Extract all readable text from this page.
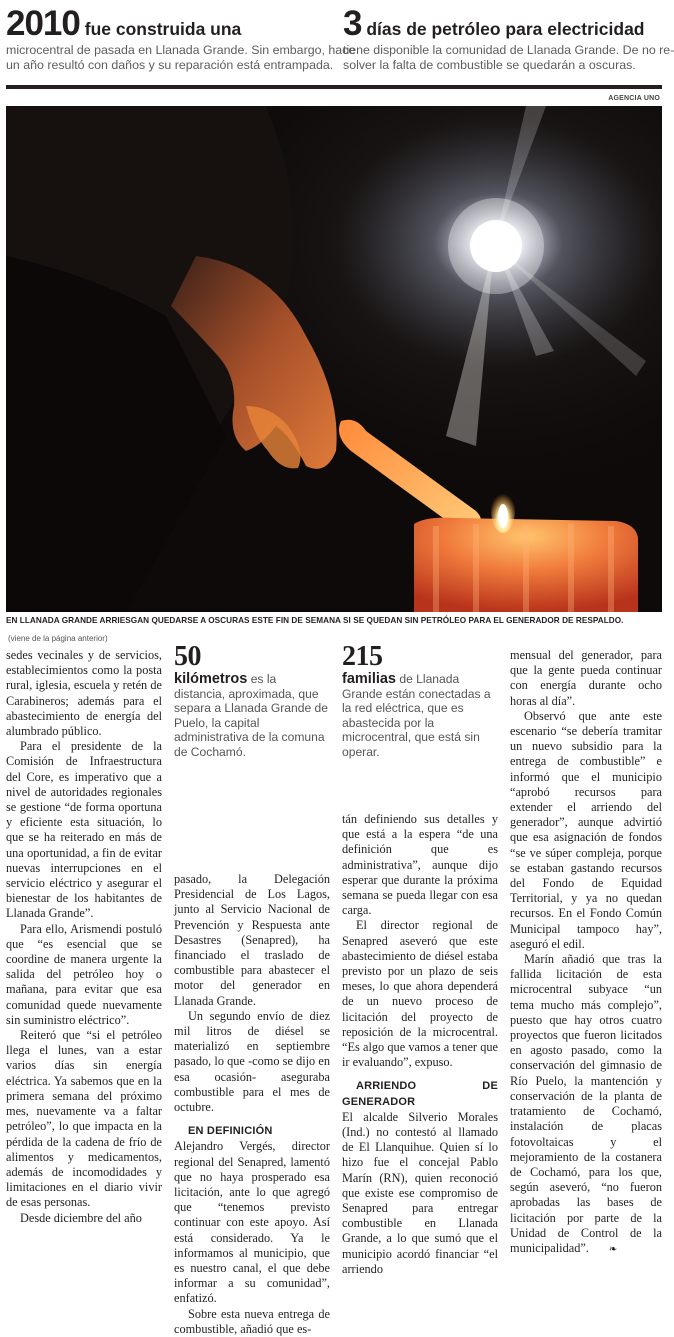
2010 fue construida una
microcentral de pasada en Llanada Grande. Sin embargo, hace
un año resultó con daños y su reparación está entrampada.
3 días de petróleo para electricidad
tiene disponible la comunidad de Llanada Grande. De no re-
solver la falta de combustible se quedarán a oscuras.
AGENCIA UNO
EN LLANADA GRANDE ARRIESGAN QUEDARSE A OSCURAS ESTE FIN DE SEMANA SI SE QUEDAN SIN PETRÓLEO PARA EL GENERADOR DE RESPALDO.
(viene de la página anterior)
50
kilómetros es la distancia, aproximada, que separa a Llanada Grande de Puelo, la capital administrativa de la comuna de Cochamó.
215
familias de Llanada Grande están conectadas a la red eléctrica, que es abastecida por la microcentral, que está sin operar.

sedes vecinales y de servicios, establecimientos como la posta rural, iglesia, escuela y retén de Carabineros; además para el abastecimiento de energía del alumbrado público.

Para el presidente de la Comisión de Infraestructura del Core, es imperativo que a nivel de autoridades regionales se gestione “de forma oportuna y eficiente esta situación, lo que se ha reiterado en más de una oportunidad, a fin de evitar nuevas interrupciones en el servicio eléctrico y asegurar el bienestar de los habitantes de Llanada Grande”.

Para ello, Arismendi postuló que “es esencial que se coordine de manera urgente la salida del petróleo hoy o mañana, para evitar que esa comunidad quede nuevamente sin suministro eléctrico”.

Reiteró que “si el petróleo llega el lunes, van a estar varios días sin energía eléctrica. Ya sabemos que en la primera semana del próximo mes, nuevamente va a faltar petróleo”, lo que impacta en la pérdida de la cadena de frío de alimentos y medicamentos, además de incomodidades y limitaciones en el diario vivir de esas personas.

Desde diciembre del año

pasado, la Delegación Presidencial de Los Lagos, junto al Servicio Nacional de Prevención y Respuesta ante Desastres (Senapred), ha financiado el traslado de combustible para abastecer el motor del generador en Llanada Grande.

Un segundo envío de diez mil litros de diésel se materializó en septiembre pasado, lo que -como se dijo en esa ocasión- aseguraba combustible para el mes de octubre.

EN DEFINICIÓN

Alejandro Vergés, director regional del Senapred, lamentó que no haya prosperado esa licitación, ante lo que agregó que “tenemos previsto continuar con este apoyo. Así está considerado. Ya le informamos al municipio, que es nuestro canal, el que debe informar a su comunidad”, enfatizó.

Sobre esta nueva entrega de combustible, añadió que es-

tán definiendo sus detalles y que está a la espera “de una definición que es administrativa”, aunque dijo esperar que durante la próxima semana se pueda llegar con esa carga.

El director regional de Senapred aseveró que este abastecimiento de diésel estaba previsto por un plazo de seis meses, lo que ahora dependerá de un nuevo proceso de licitación del proyecto de reposición de la microcentral. “Es algo que vamos a tener que ir evaluando”, expuso.

ARRIENDO DE GENERADOR

El alcalde Silverio Morales (Ind.) no contestó al llamado de El Llanquihue. Quien sí lo hizo fue el concejal Pablo Marín (RN), quien reconoció que existe ese compromiso de Senapred para entregar combustible en Llanada Grande, a lo que sumó que el municipio acordó financiar “el arriendo

mensual del generador, para que la gente pueda continuar con energía durante ocho horas al día”.

Observó que ante este escenario “se debería tramitar un nuevo subsidio para la entrega de combustible” e informó que el municipio “aprobó recursos para extender el arriendo del generador”, aunque advirtió que esa asignación de fondos “se ve súper compleja, porque se estaban gastando recursos del Fondo de Equidad Territorial, y ya no quedan recursos. En el Fondo Común Municipal tampoco hay”, aseguró el edil.

Marín añadió que tras la fallida licitación de esta microcentral subyace “un tema mucho más complejo”, puesto que hay otros cuatro proyectos que fueron licitados en agosto pasado, como la conservación del gimnasio de Río Puelo, la mantención y conservación de la planta de tratamiento de Cochamó, instalación de placas fotovoltaicas y el mejoramiento de la costanera de Cochamó, para los que, según aseveró, “no fueron aprobadas las bases de licitación por parte de la Unidad de Control de la municipalidad”. ❧
